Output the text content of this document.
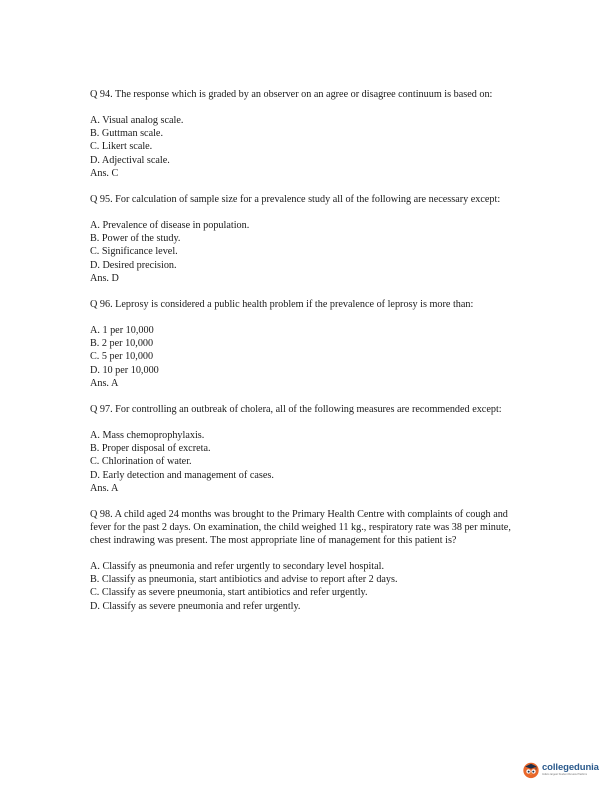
Q 94. The response which is graded by an observer on an agree or disagree continuum is based on:
A. Visual analog scale.
B. Guttman scale.
C. Likert scale.
D. Adjectival scale.
Ans. C
Q 95. For calculation of sample size for a prevalence study all of the following are necessary except:
A. Prevalence of disease in population.
B. Power of the study.
C. Significance level.
D. Desired precision.
Ans. D
Q 96. Leprosy is considered a public health problem if the prevalence of leprosy is more than:
A. 1 per 10,000
B. 2 per 10,000
C. 5 per 10,000
D. 10 per 10,000
Ans. A
Q 97. For controlling an outbreak of cholera, all of the following measures are recommended except:
A. Mass chemoprophylaxis.
B. Proper disposal of excreta.
C. Chlorination of water.
D. Early detection and management of cases.
Ans. A
Q 98. A child aged 24 months was brought to the Primary Health Centre with complaints of cough and fever for the past 2 days. On examination, the child weighed 11 kg., respiratory rate was 38 per minute, chest indrawing was present. The most appropriate line of management for this patient is?
A. Classify as pneumonia and refer urgently to secondary level hospital.
B. Classify as pneumonia, start antibiotics and advise to report after 2 days.
C. Classify as severe pneumonia, start antibiotics and refer urgently.
D. Classify as severe pneumonia and refer urgently.
collegedunia
India's largest Student Review Platform
